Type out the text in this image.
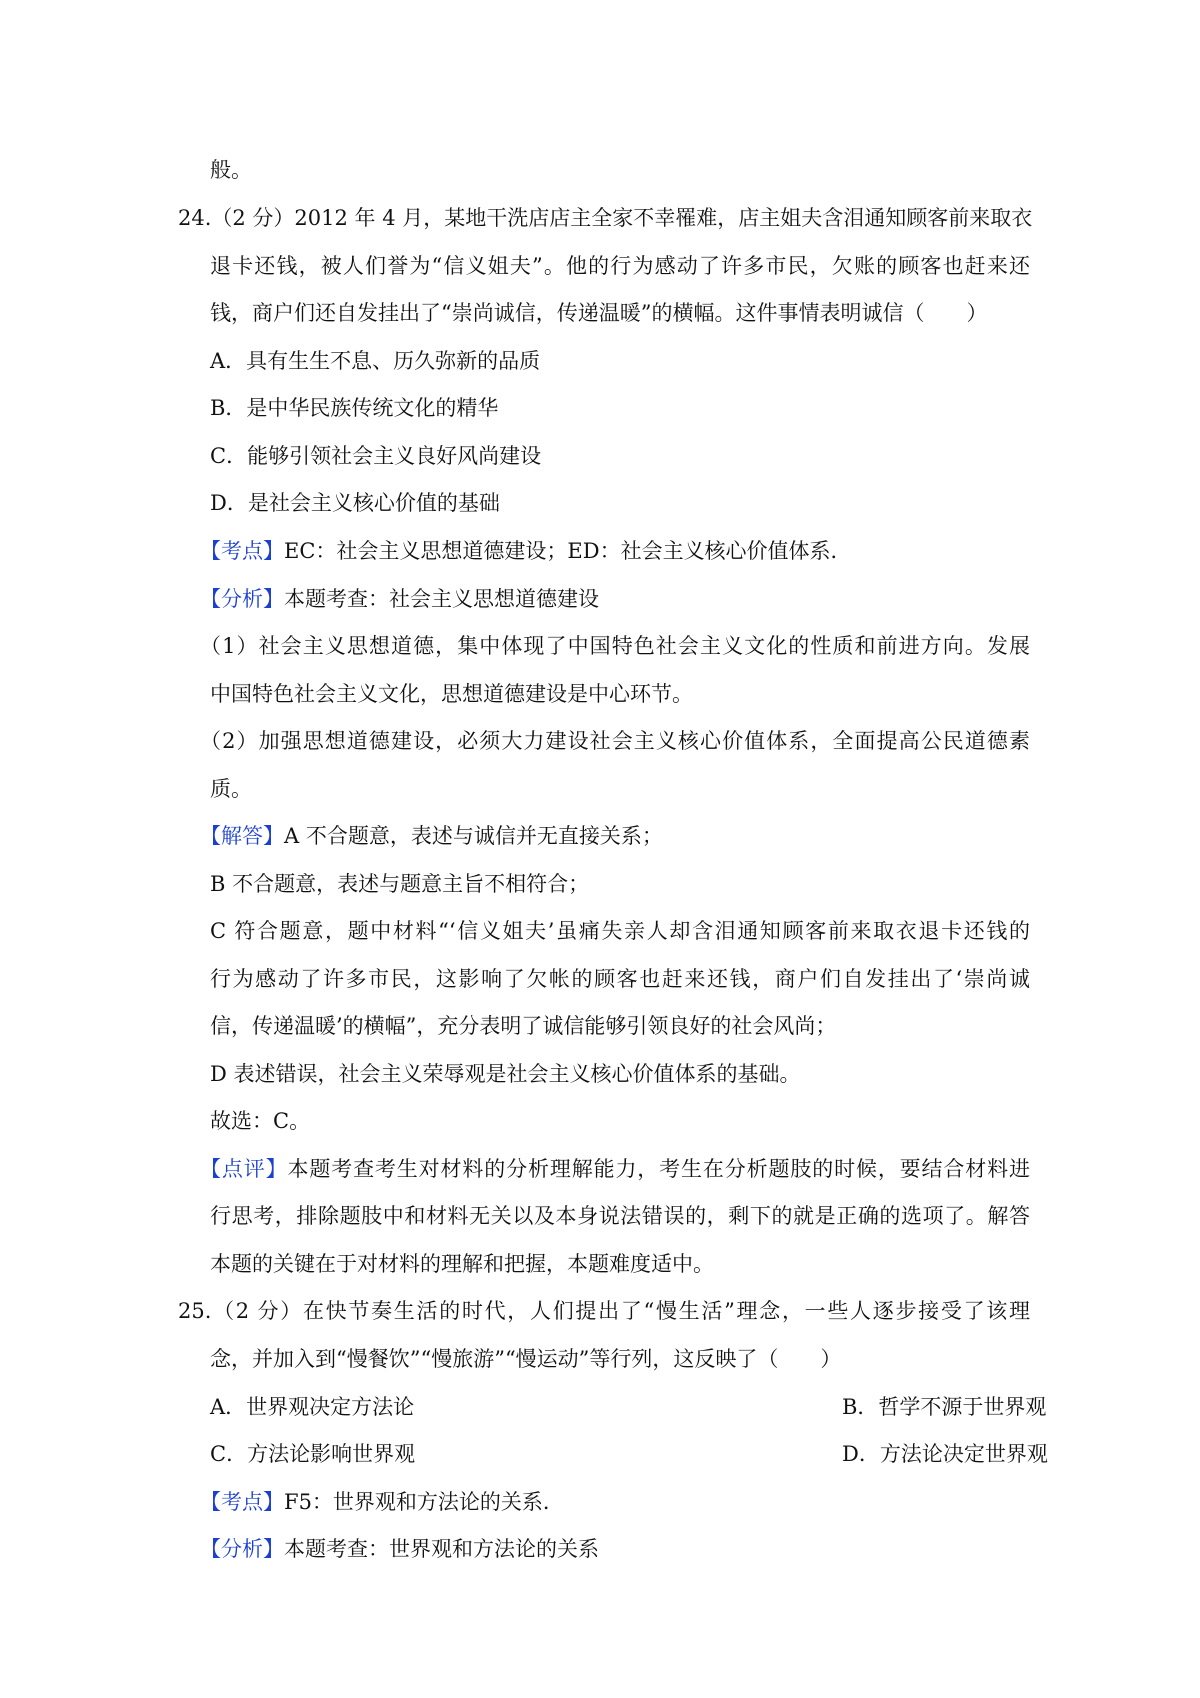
般。
24.（2 分）2012 年 4 月，某地干洗店店主全家不幸罹难，店主姐夫含泪通知顾客前来取衣
退卡还钱，被人们誉为“信义姐夫”。他的行为感动了许多市民，欠账的顾客也赶来还
钱，商户们还自发挂出了“崇尚诚信，传递温暖”的横幅。这件事情表明诚信（　　）
A．具有生生不息、历久弥新的品质
B．是中华民族传统文化的精华
C．能够引领社会主义良好风尚建设
D．是社会主义核心价值的基础
【考点】EC：社会主义思想道德建设；ED：社会主义核心价值体系．
【分析】本题考查：社会主义思想道德建设
（1）社会主义思想道德，集中体现了中国特色社会主义文化的性质和前进方向。发展
中国特色社会主义文化，思想道德建设是中心环节。
（2）加强思想道德建设，必须大力建设社会主义核心价值体系，全面提高公民道德素
质。
【解答】A 不合题意，表述与诚信并无直接关系；
B 不合题意，表述与题意主旨不相符合；
C 符合题意，题中材料“‘信义姐夫’虽痛失亲人却含泪通知顾客前来取衣退卡还钱的
行为感动了许多市民，这影响了欠帐的顾客也赶来还钱，商户们自发挂出了‘崇尚诚
信，传递温暖’的横幅”，充分表明了诚信能够引领良好的社会风尚；
D 表述错误，社会主义荣辱观是社会主义核心价值体系的基础。
故选：C。
【点评】本题考查考生对材料的分析理解能力，考生在分析题肢的时候，要结合材料进
行思考，排除题肢中和材料无关以及本身说法错误的，剩下的就是正确的选项了。解答
本题的关键在于对材料的理解和把握，本题难度适中。
25.（2 分）在快节奏生活的时代，人们提出了“慢生活”理念，一些人逐步接受了该理
念，并加入到“慢餐饮”“慢旅游”“慢运动”等行列，这反映了（　　）
A．世界观决定方法论	B．哲学不源于世界观
C．方法论影响世界观	D．方法论决定世界观
【考点】F5：世界观和方法论的关系．
【分析】本题考查：世界观和方法论的关系
